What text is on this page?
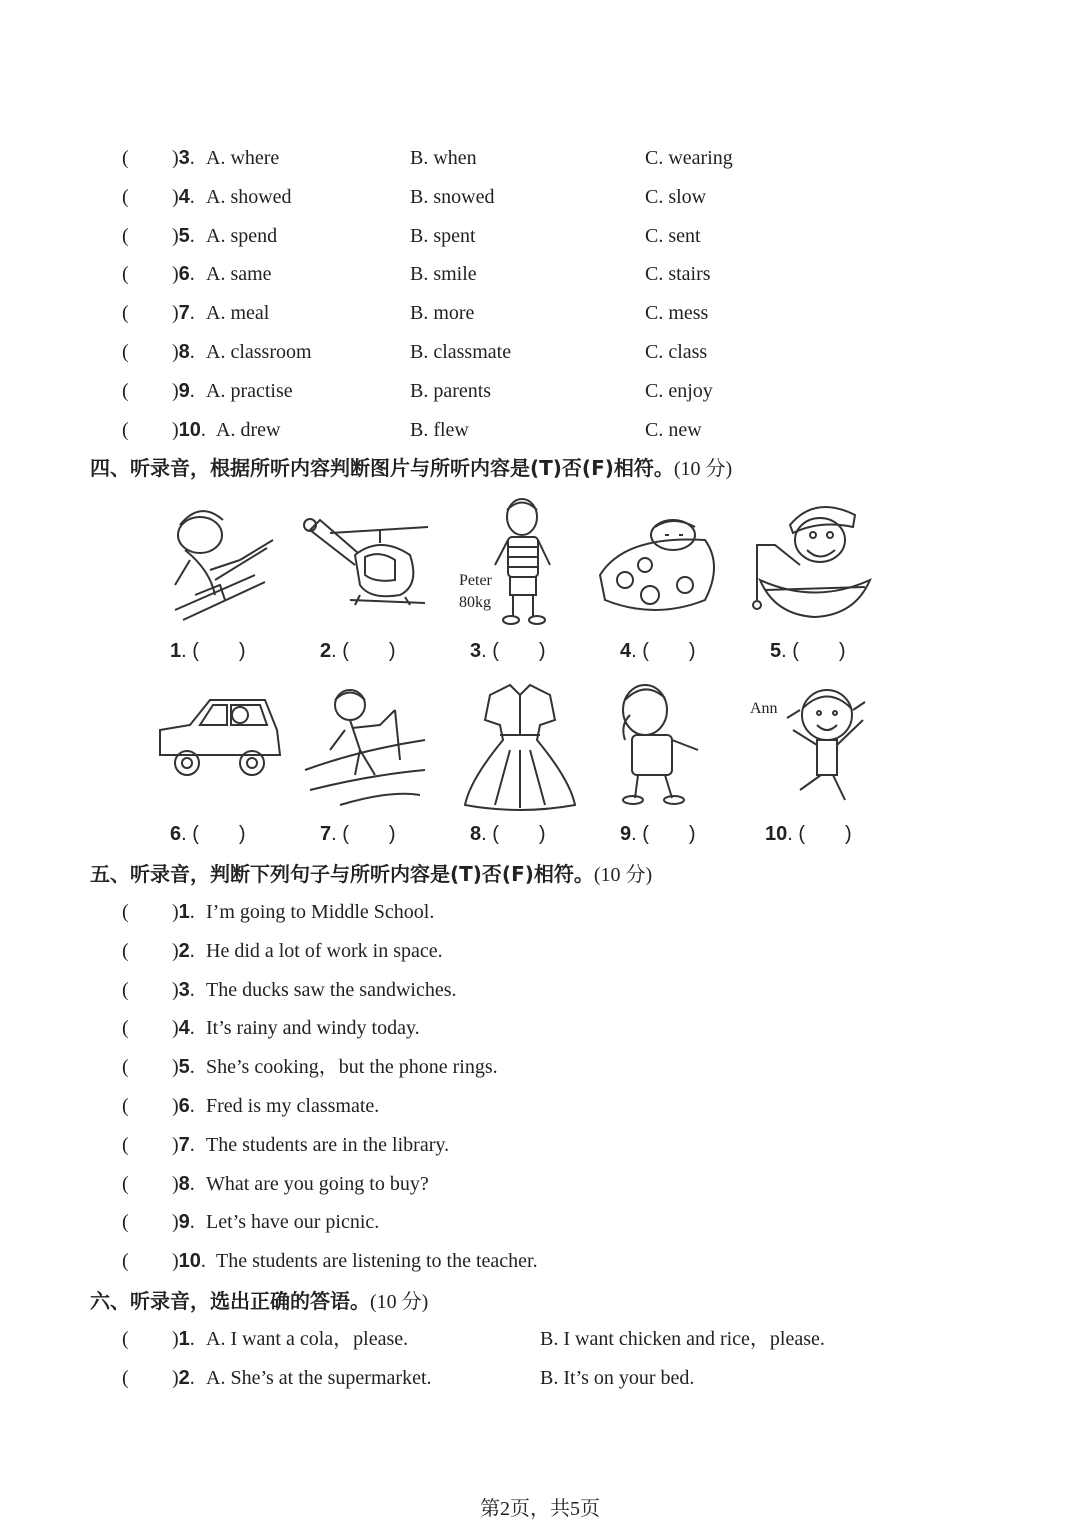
( )3. A. where	B. when	C. wearing
( )4. A. showed	B. snowed	C. slow
( )5. A. spend	B. spent	C. sent
( )6. A. same	B. smile	C. stairs
( )7. A. meal	B. more	C. mess
( )8. A. classroom	B. classmate	C. class
( )9. A. practise	B. parents	C. enjoy
( )10. A. drew	B. flew	C. new
四、听录音，根据所听内容判断图片与所听内容是(T)否(F)相符。(10 分)
Peter
80kg
Ann
1. ( )	2. ( )	3. ( )	4. ( )	5. ( )
6. ( )	7. ( )	8. ( )	9. ( )	10. ( )
五、听录音，判断下列句子与所听内容是(T)否(F)相符。(10 分)
( )1. I’m going to Middle School.
( )2. He did a lot of work in space.
( )3. The ducks saw the sandwiches.
( )4. It’s rainy and windy today.
( )5. She’s cooking，but the phone rings.
( )6. Fred is my classmate.
( )7. The students are in the library.
( )8. What are you going to buy?
( )9. Let’s have our picnic.
( )10. The students are listening to the teacher.
六、听录音，选出正确的答语。(10 分)
( )1. A. I want a cola，please.	B. I want chicken and rice，please.
( )2. A. She’s at the supermarket.	B. It’s on your bed.
第2页，共5页
